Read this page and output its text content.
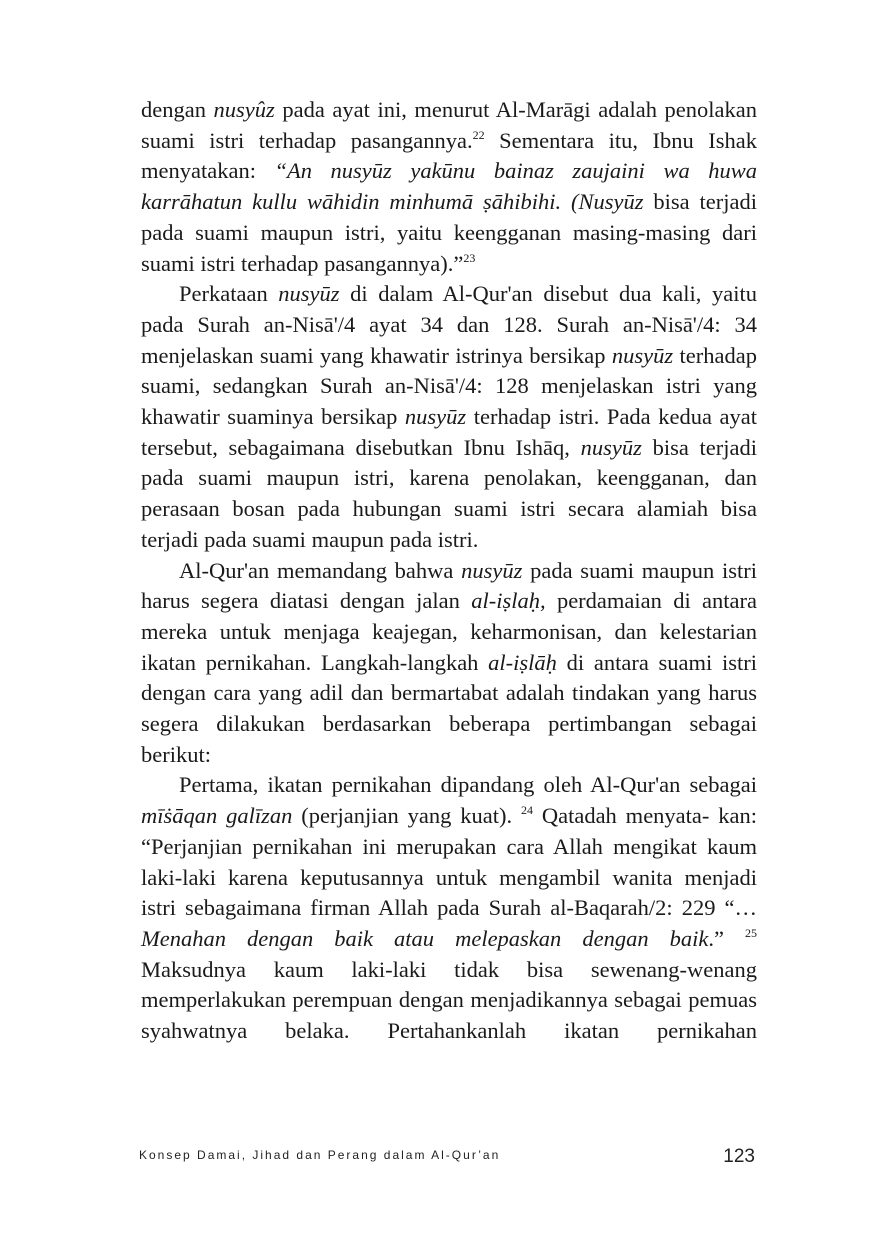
dengan nusyûz pada ayat ini, menurut Al-Marāgi adalah penolakan suami istri terhadap pasangannya.$^{22}$ Sementara itu, Ibnu Ishak menyatakan: “An nusyūz yakūnu bainaz zaujaini wa huwa karrāhatun kullu wāhidin minhumā ṣāhibihi. (Nusyūz bisa terjadi pada suami maupun istri, yaitu keengganan masing-masing dari suami istri terhadap pasangannya).”$^{23}$

Perkataan nusyūz di dalam Al-Qur'an disebut dua kali, yaitu pada Surah an-Nisā'/4 ayat 34 dan 128. Surah an-Nisā'/4: 34 menjelaskan suami yang khawatir istrinya bersikap nusyūz terhadap suami, sedangkan Surah an-Nisā'/4: 128 menjelaskan istri yang khawatir suaminya bersikap nusyūz terhadap istri. Pada kedua ayat tersebut, sebagaimana disebutkan Ibnu Ishāq, nusyūz bisa terjadi pada suami maupun istri, karena penolakan, keengganan, dan perasaan bosan pada hubungan suami istri secara alamiah bisa terjadi pada suami maupun pada istri.

Al-Qur'an memandang bahwa nusyūz pada suami maupun istri harus segera diatasi dengan jalan al-iṣlaḥ, perdamaian di antara mereka untuk menjaga keajegan, keharmonisan, dan kelestarian ikatan pernikahan. Langkah-langkah al-iṣlāḥ di antara suami istri dengan cara yang adil dan bermartabat adalah tindakan yang harus segera dilakukan berdasarkan beberapa pertimbangan sebagai berikut:

Pertama, ikatan pernikahan dipandang oleh Al-Qur'an sebagai mīṡāqan galīzan (perjanjian yang kuat). $^{24}$ Qatadah menyata- kan: “Perjanjian pernikahan ini merupakan cara Allah mengikat kaum laki-laki karena keputusannya untuk mengambil wanita menjadi istri sebagaimana firman Allah pada Surah al-Baqarah/2: 229 “…Menahan dengan baik atau melepaskan dengan baik.” $^{25}$ Maksudnya kaum laki-laki tidak bisa sewenang-wenang memperlakukan perempuan dengan menjadikannya sebagai pemuas syahwatnya belaka. Pertahankanlah ikatan pernikahan

Konsep Damai, Jihad dan Perang dalam Al-Qur’an	123
